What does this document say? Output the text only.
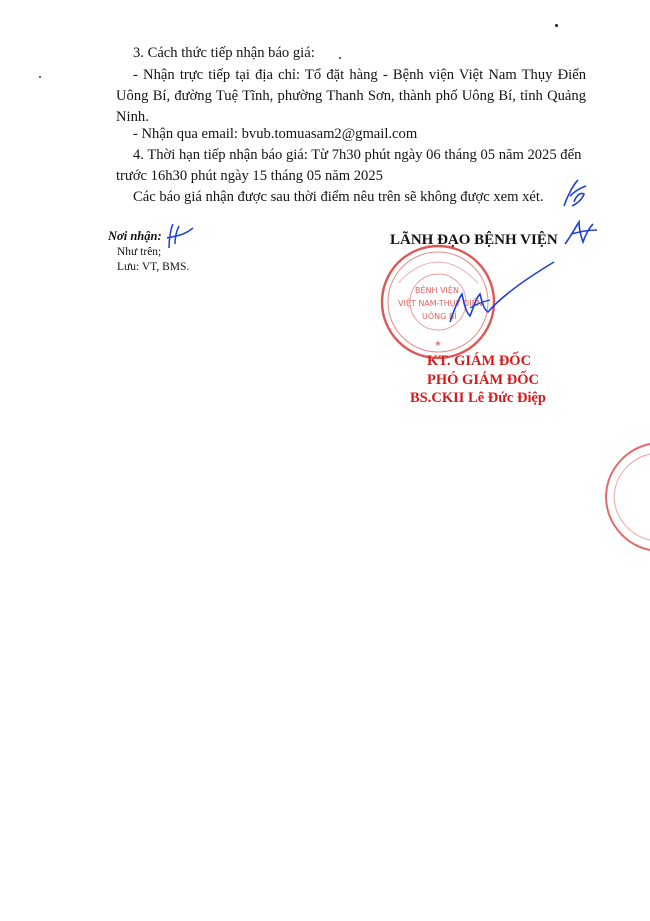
3. Cách thức tiếp nhận báo giá:
- Nhận trực tiếp tại địa chỉ: Tổ đặt hàng - Bệnh viện Việt Nam Thụy Điển Uông Bí, đường Tuệ Tĩnh, phường Thanh Sơn, thành phố Uông Bí, tỉnh Quảng Ninh.
- Nhận qua email: bvub.tomuasam2@gmail.com
4. Thời hạn tiếp nhận báo giá: Từ 7h30 phút ngày 06 tháng 05 năm 2025 đến
trước 16h30 phút ngày 15 tháng 05 năm 2025
Các báo giá nhận được sau thời điểm nêu trên sẽ không được xem xét.
Nơi nhận:
Như trên;
Lưu: VT, BMS.
LÃNH ĐẠO BỆNH VIỆN
★
BỆNH VIỆN
VIỆT NAM-THỤY ĐIỂN
UÔNG BÍ
KT. GIÁM ĐỐC
PHÓ GIÁM ĐỐC
BS.CKII Lê Đức Điệp
